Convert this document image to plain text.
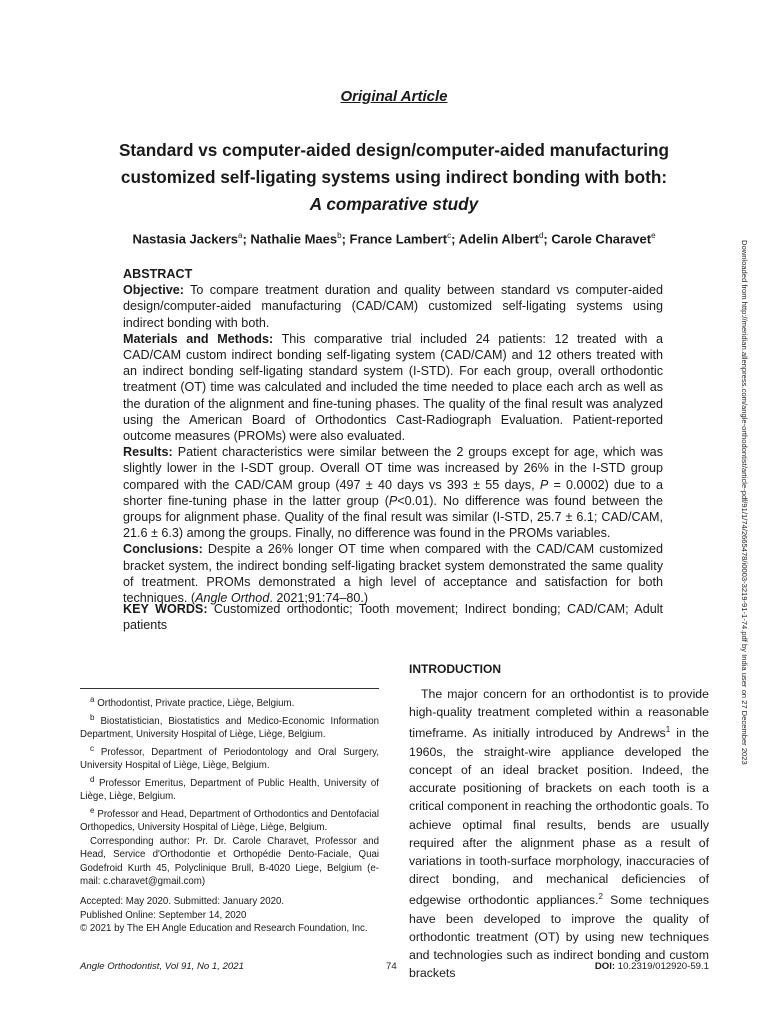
Original Article
Standard vs computer-aided design/computer-aided manufacturing
customized self-ligating systems using indirect bonding with both:
A comparative study
Nastasia Jackers$^a$; Nathalie Maes$^b$; France Lambert$^c$; Adelin Albert$^d$; Carole Charavet$^e$
Downloaded from http://meridian.allenpress.com/angle-orthodontist/article-pdf/91/1/74/2665478/i0003-3219-91-1-74.pdf by India user on 27 December 2023

ABSTRACT

Objective: To compare treatment duration and quality between standard vs computer-aided design/computer-aided manufacturing (CAD/CAM) customized self-ligating systems using indirect bonding with both.

Materials and Methods: This comparative trial included 24 patients: 12 treated with a CAD/CAM custom indirect bonding self-ligating system (CAD/CAM) and 12 others treated with an indirect bonding self-ligating standard system (I-STD). For each group, overall orthodontic treatment (OT) time was calculated and included the time needed to place each arch as well as the duration of the alignment and fine-tuning phases. The quality of the final result was analyzed using the American Board of Orthodontics Cast-Radiograph Evaluation. Patient-reported outcome measures (PROMs) were also evaluated.

Results: Patient characteristics were similar between the 2 groups except for age, which was slightly lower in the I-SDT group. Overall OT time was increased by 26% in the I-STD group compared with the CAD/CAM group (497 ± 40 days vs 393 ± 55 days, P = 0.0002) due to a shorter fine-tuning phase in the latter group (P<0.01). No difference was found between the groups for alignment phase. Quality of the final result was similar (I-STD, 25.7 ± 6.1; CAD/CAM, 21.6 ± 6.3) among the groups. Finally, no difference was found in the PROMs variables.

Conclusions: Despite a 26% longer OT time when compared with the CAD/CAM customized bracket system, the indirect bonding self-ligating bracket system demonstrated the same quality of treatment. PROMs demonstrated a high level of acceptance and satisfaction for both techniques. (Angle Orthod. 2021;91:74–80.)

KEY WORDS: Customized orthodontic; Tooth movement; Indirect bonding; CAD/CAM; Adult patients

$^a$ Orthodontist, Private practice, Liège, Belgium.

$^b$ Biostatistician, Biostatistics and Medico-Economic Information Department, University Hospital of Liège, Liège, Belgium.

$^c$ Professor, Department of Periodontology and Oral Surgery, University Hospital of Liège, Liège, Belgium.

$^d$ Professor Emeritus, Department of Public Health, University of Liège, Liège, Belgium.

$^e$ Professor and Head, Department of Orthodontics and Dentofacial Orthopedics, University Hospital of Liège, Liège, Belgium.

Corresponding author: Pr. Dr. Carole Charavet, Professor and Head, Service d'Orthodontie et Orthopédie Dento-Faciale, Quai Godefroid Kurth 45, Polyclinique Brull, B-4020 Liege, Belgium (e-mail: c.charavet@gmail.com)

Accepted: May 2020. Submitted: January 2020.

Published Online: September 14, 2020

© 2021 by The EH Angle Education and Research Foundation, Inc.

INTRODUCTION
The major concern for an orthodontist is to provide high-quality treatment completed within a reasonable timeframe. As initially introduced by Andrews$^1$ in the 1960s, the straight-wire appliance developed the concept of an ideal bracket position. Indeed, the accurate positioning of brackets on each tooth is a critical component in reaching the orthodontic goals. To achieve optimal final results, bends are usually required after the alignment phase as a result of variations in tooth-surface morphology, inaccuracies of direct bonding, and mechanical deficiencies of edgewise orthodontic appliances.$^2$ Some techniques have been developed to improve the quality of orthodontic treatment (OT) by using new techniques and technologies such as indirect bonding and custom brackets
Angle Orthodontist, Vol 91, No 1, 2021	74	DOI: 10.2319/012920-59.1
